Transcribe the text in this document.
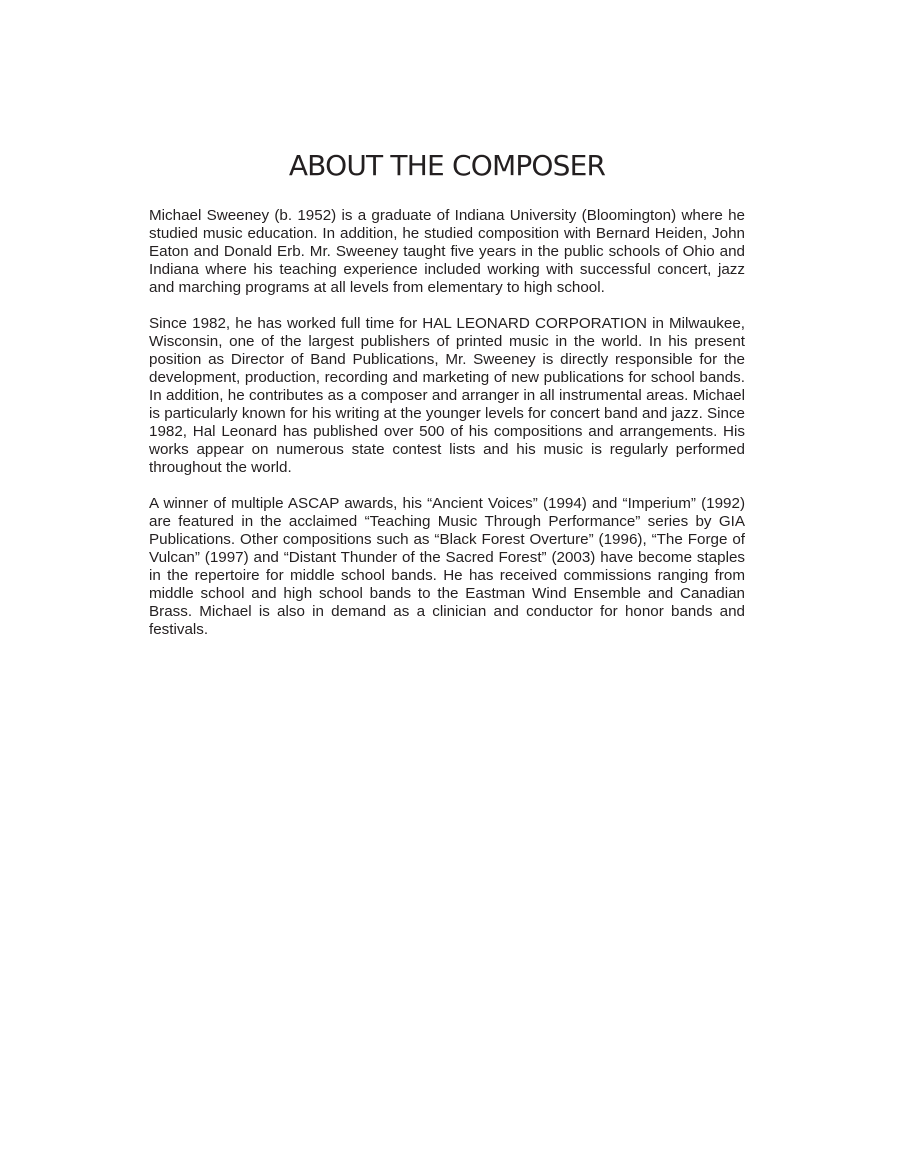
ABOUT THE COMPOSER

Michael Sweeney (b. 1952) is a graduate of Indiana University (Bloomington) where he studied music education. In addition, he studied composition with Bernard Heiden, John Eaton and Donald Erb. Mr. Sweeney taught five years in the public schools of Ohio and Indiana where his teaching experience included working with successful concert, jazz and marching programs at all levels from elementary to high school.

Since 1982, he has worked full time for HAL LEONARD CORPORATION in Milwaukee, Wisconsin, one of the largest publishers of printed music in the world. In his present position as Director of Band Publications, Mr. Sweeney is directly responsible for the development, production, recording and marketing of new publications for school bands. In addition, he contributes as a composer and arranger in all instrumental areas. Michael is particularly known for his writing at the younger levels for concert band and jazz. Since 1982, Hal Leonard has published over 500 of his compositions and arrangements. His works appear on numerous state contest lists and his music is regularly performed throughout the world.

A winner of multiple ASCAP awards, his “Ancient Voices” (1994) and “Imperium” (1992) are featured in the acclaimed “Teaching Music Through Performance” series by GIA Publications. Other compositions such as “Black Forest Overture” (1996), “The Forge of Vulcan” (1997) and “Distant Thunder of the Sacred Forest” (2003) have become staples in the repertoire for middle school bands. He has received commissions ranging from middle school and high school bands to the Eastman Wind Ensemble and Canadian Brass. Michael is also in demand as a clinician and conductor for honor bands and festivals.
